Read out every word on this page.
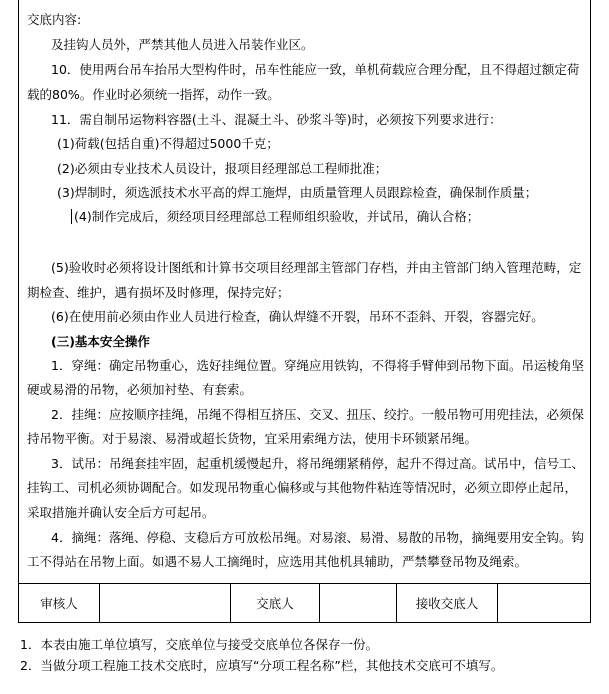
交底内容:
及挂钩人员外，严禁其他人员进入吊装作业区。
10．使用两台吊车抬吊大型构件时，吊车性能应一致，单机荷载应合理分配，且不得超过额定荷
载的80%。作业时必须统一指挥，动作一致。
11．需自制吊运物料容器(土斗、混凝土斗、砂浆斗等)时，必须按下列要求进行：
(1)荷载(包括自重)不得超过5000千克；
(2)必须由专业技术人员设计，报项目经理部总工程师批准；
(3)焊制时，须选派技术水平高的焊工施焊，由质量管理人员跟踪检查，确保制作质量；
(4)制作完成后，须经项目经理部总工程师组织验收，并试吊，确认合格；
(5)验收时必须将设计图纸和计算书交项目经理部主管部门存档，并由主管部门纳入管理范畴，定
期检查、维护，遇有损坏及时修理，保持完好；
(6)在使用前必须由作业人员进行检查，确认焊缝不开裂，吊环不歪斜、开裂，容器完好。
(三)基本安全操作
1．穿绳：确定吊物重心，选好挂绳位置。穿绳应用铁钩，不得将手臂伸到吊物下面。吊运棱角坚
硬或易滑的吊物，必须加衬垫、有套索。
2．挂绳：应按顺序挂绳，吊绳不得相互挤压、交叉、扭压、绞拧。一般吊物可用兜挂法，必须保
持吊物平衡。对于易滚、易滑或超长货物，宜采用索绳方法，使用卡环锁紧吊绳。
3．试吊：吊绳套挂牢固，起重机缓慢起升，将吊绳绷紧稍停，起升不得过高。试吊中，信号工、
挂钩工、司机必须协调配合。如发现吊物重心偏移或与其他物件粘连等情况时，必须立即停止起吊，
采取措施并确认安全后方可起吊。
4．摘绳：落绳、停稳、支稳后方可放松吊绳。对易滚、易滑、易散的吊物，摘绳要用安全钩。钩
工不得站在吊物上面。如遇不易人工摘绳时，应选用其他机具辅助，严禁攀登吊物及绳索。
审核人	交底人	接收交底人
1．本表由施工单位填写，交底单位与接受交底单位各保存一份。
2．当做分项工程施工技术交底时，应填写“分项工程名称”栏，其他技术交底可不填写。
